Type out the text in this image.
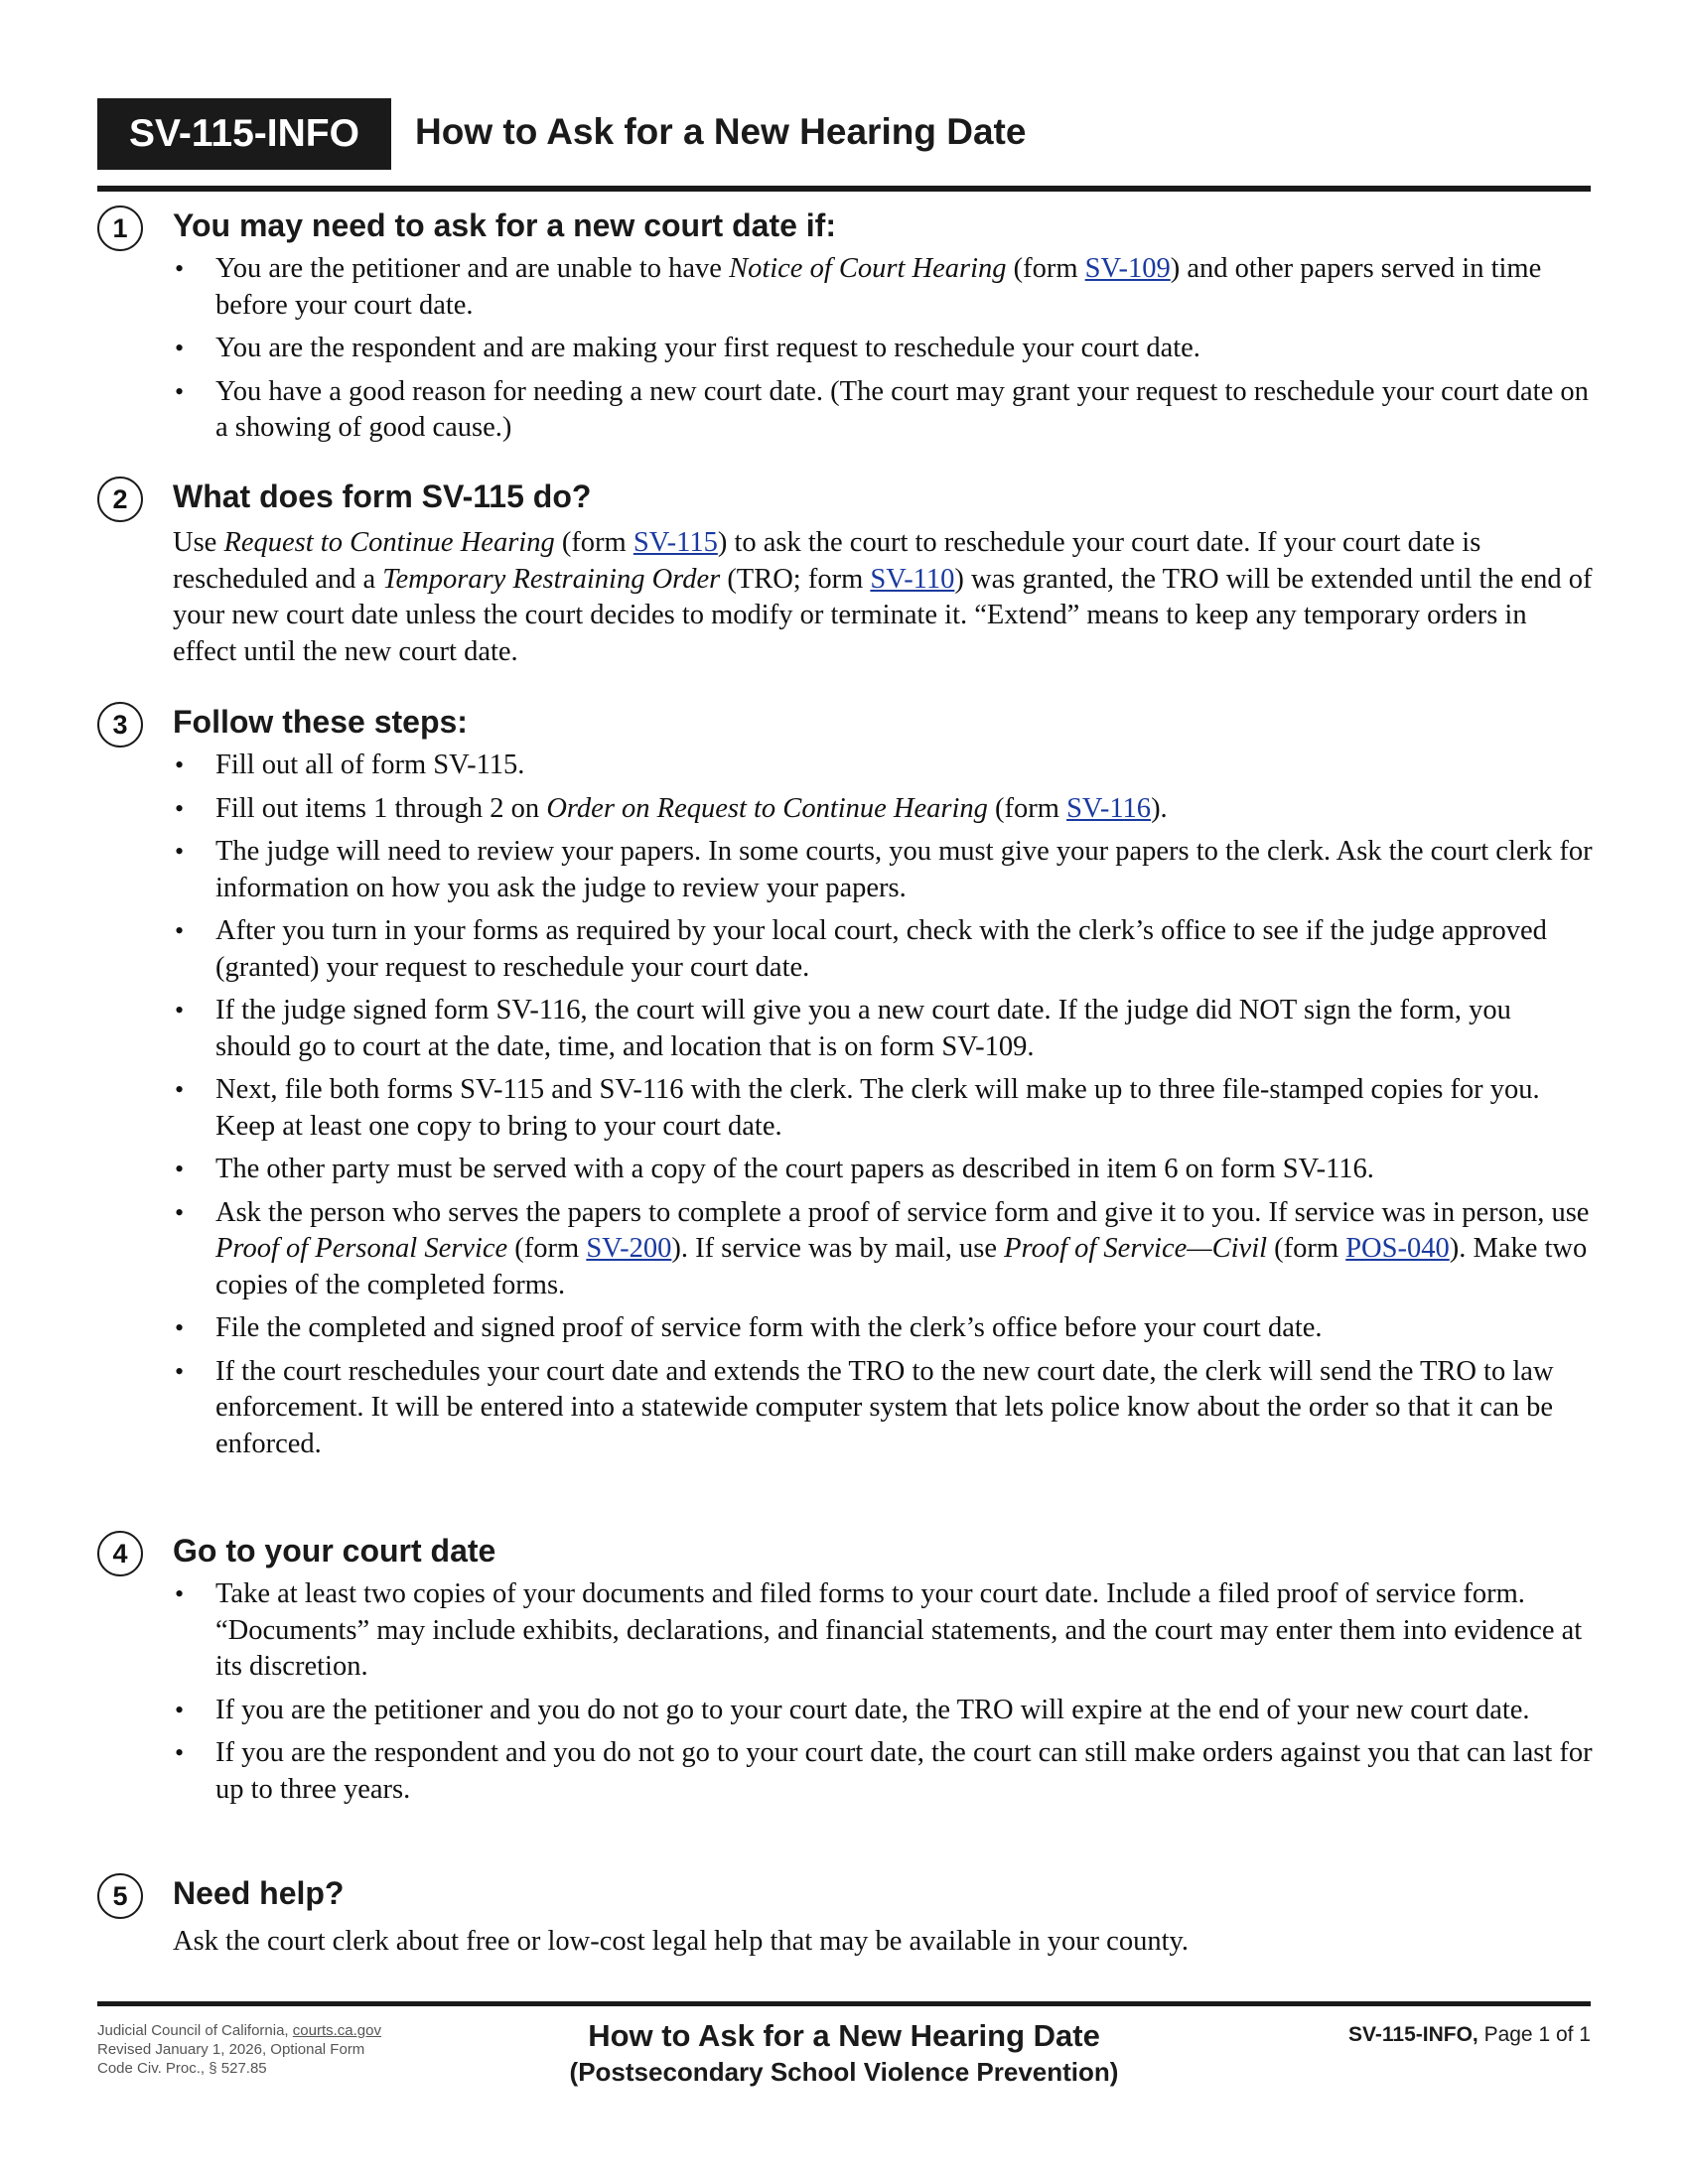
SV-115-INFO	How to Ask for a New Hearing Date
1	You may need to ask for a new court date if:
• You are the petitioner and are unable to have Notice of Court Hearing (form SV-109) and other papers served in time before your court date.
• You are the respondent and are making your first request to reschedule your court date.
• You have a good reason for needing a new court date. (The court may grant your request to reschedule your court date on a showing of good cause.)
2	What does form SV-115 do?

Use Request to Continue Hearing (form SV-115) to ask the court to reschedule your court date. If your court date is rescheduled and a Temporary Restraining Order (TRO; form SV-110) was granted, the TRO will be extended until the end of your new court date unless the court decides to modify or terminate it. “Extend” means to keep any temporary orders in effect until the new court date.

3	Follow these steps:
• Fill out all of form SV-115.
• Fill out items 1 through 2 on Order on Request to Continue Hearing (form SV-116).
• The judge will need to review your papers. In some courts, you must give your papers to the clerk. Ask the court clerk for information on how you ask the judge to review your papers.
• After you turn in your forms as required by your local court, check with the clerk’s office to see if the judge approved (granted) your request to reschedule your court date.
• If the judge signed form SV-116, the court will give you a new court date. If the judge did NOT sign the form, you should go to court at the date, time, and location that is on form SV-109.
• Next, file both forms SV-115 and SV-116 with the clerk. The clerk will make up to three file-stamped copies for you. Keep at least one copy to bring to your court date.
• The other party must be served with a copy of the court papers as described in item 6 on form SV-116.
• Ask the person who serves the papers to complete a proof of service form and give it to you. If service was in person, use Proof of Personal Service (form SV-200). If service was by mail, use Proof of Service—Civil (form POS-040). Make two copies of the completed forms.
• File the completed and signed proof of service form with the clerk’s office before your court date.
• If the court reschedules your court date and extends the TRO to the new court date, the clerk will send the TRO to law enforcement. It will be entered into a statewide computer system that lets police know about the order so that it can be enforced.
4	Go to your court date
• Take at least two copies of your documents and filed forms to your court date. Include a filed proof of service form. “Documents” may include exhibits, declarations, and financial statements, and the court may enter them into evidence at its discretion.
• If you are the petitioner and you do not go to your court date, the TRO will expire at the end of your new court date.
• If you are the respondent and you do not go to your court date, the court can still make orders against you that can last for up to three years.
5	Need help?

Ask the court clerk about free or low-cost legal help that may be available in your county.

Judicial Council of California, courts.ca.gov
Revised January 1, 2026, Optional Form
Code Civ. Proc., § 527.85
How to Ask for a New Hearing Date
(Postsecondary School Violence Prevention)
SV-115-INFO, Page 1 of 1
